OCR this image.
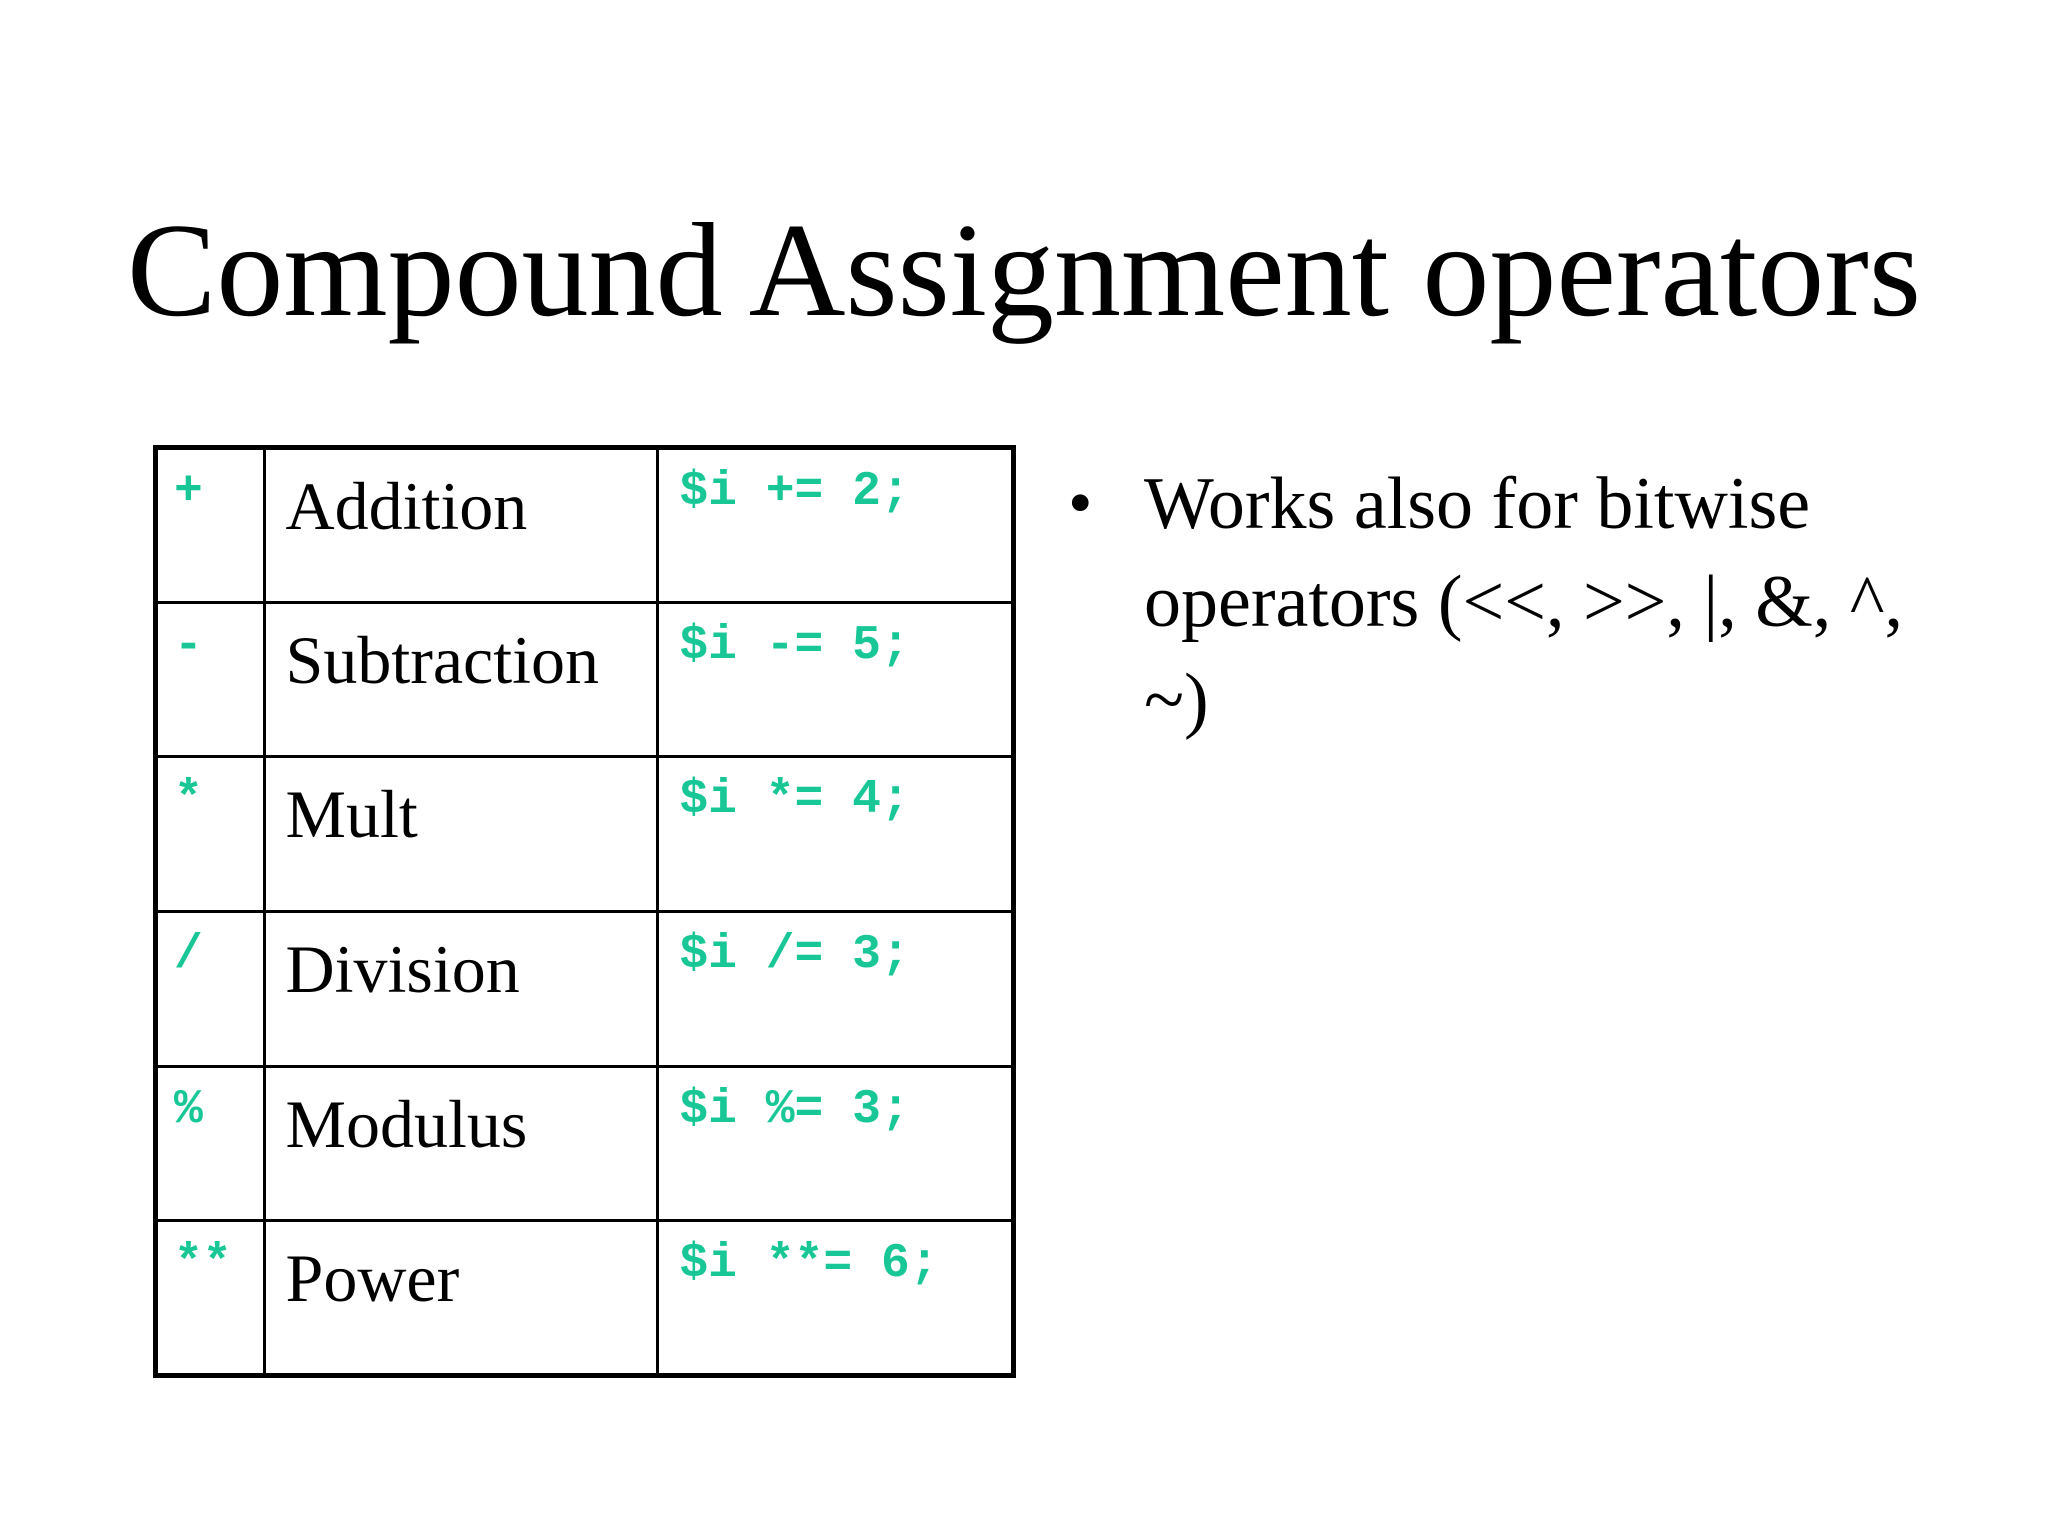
Compound Assignment operators
+	Addition	$i += 2;

-	Subtraction	$i -= 5;

*	Mult	$i *= 4;

/	Division	$i /= 3;

%	Modulus	$i %= 3;

**	Power	$i **= 6;
• Works also for bitwise operators (<<, >>, |, &, ^, ~)
